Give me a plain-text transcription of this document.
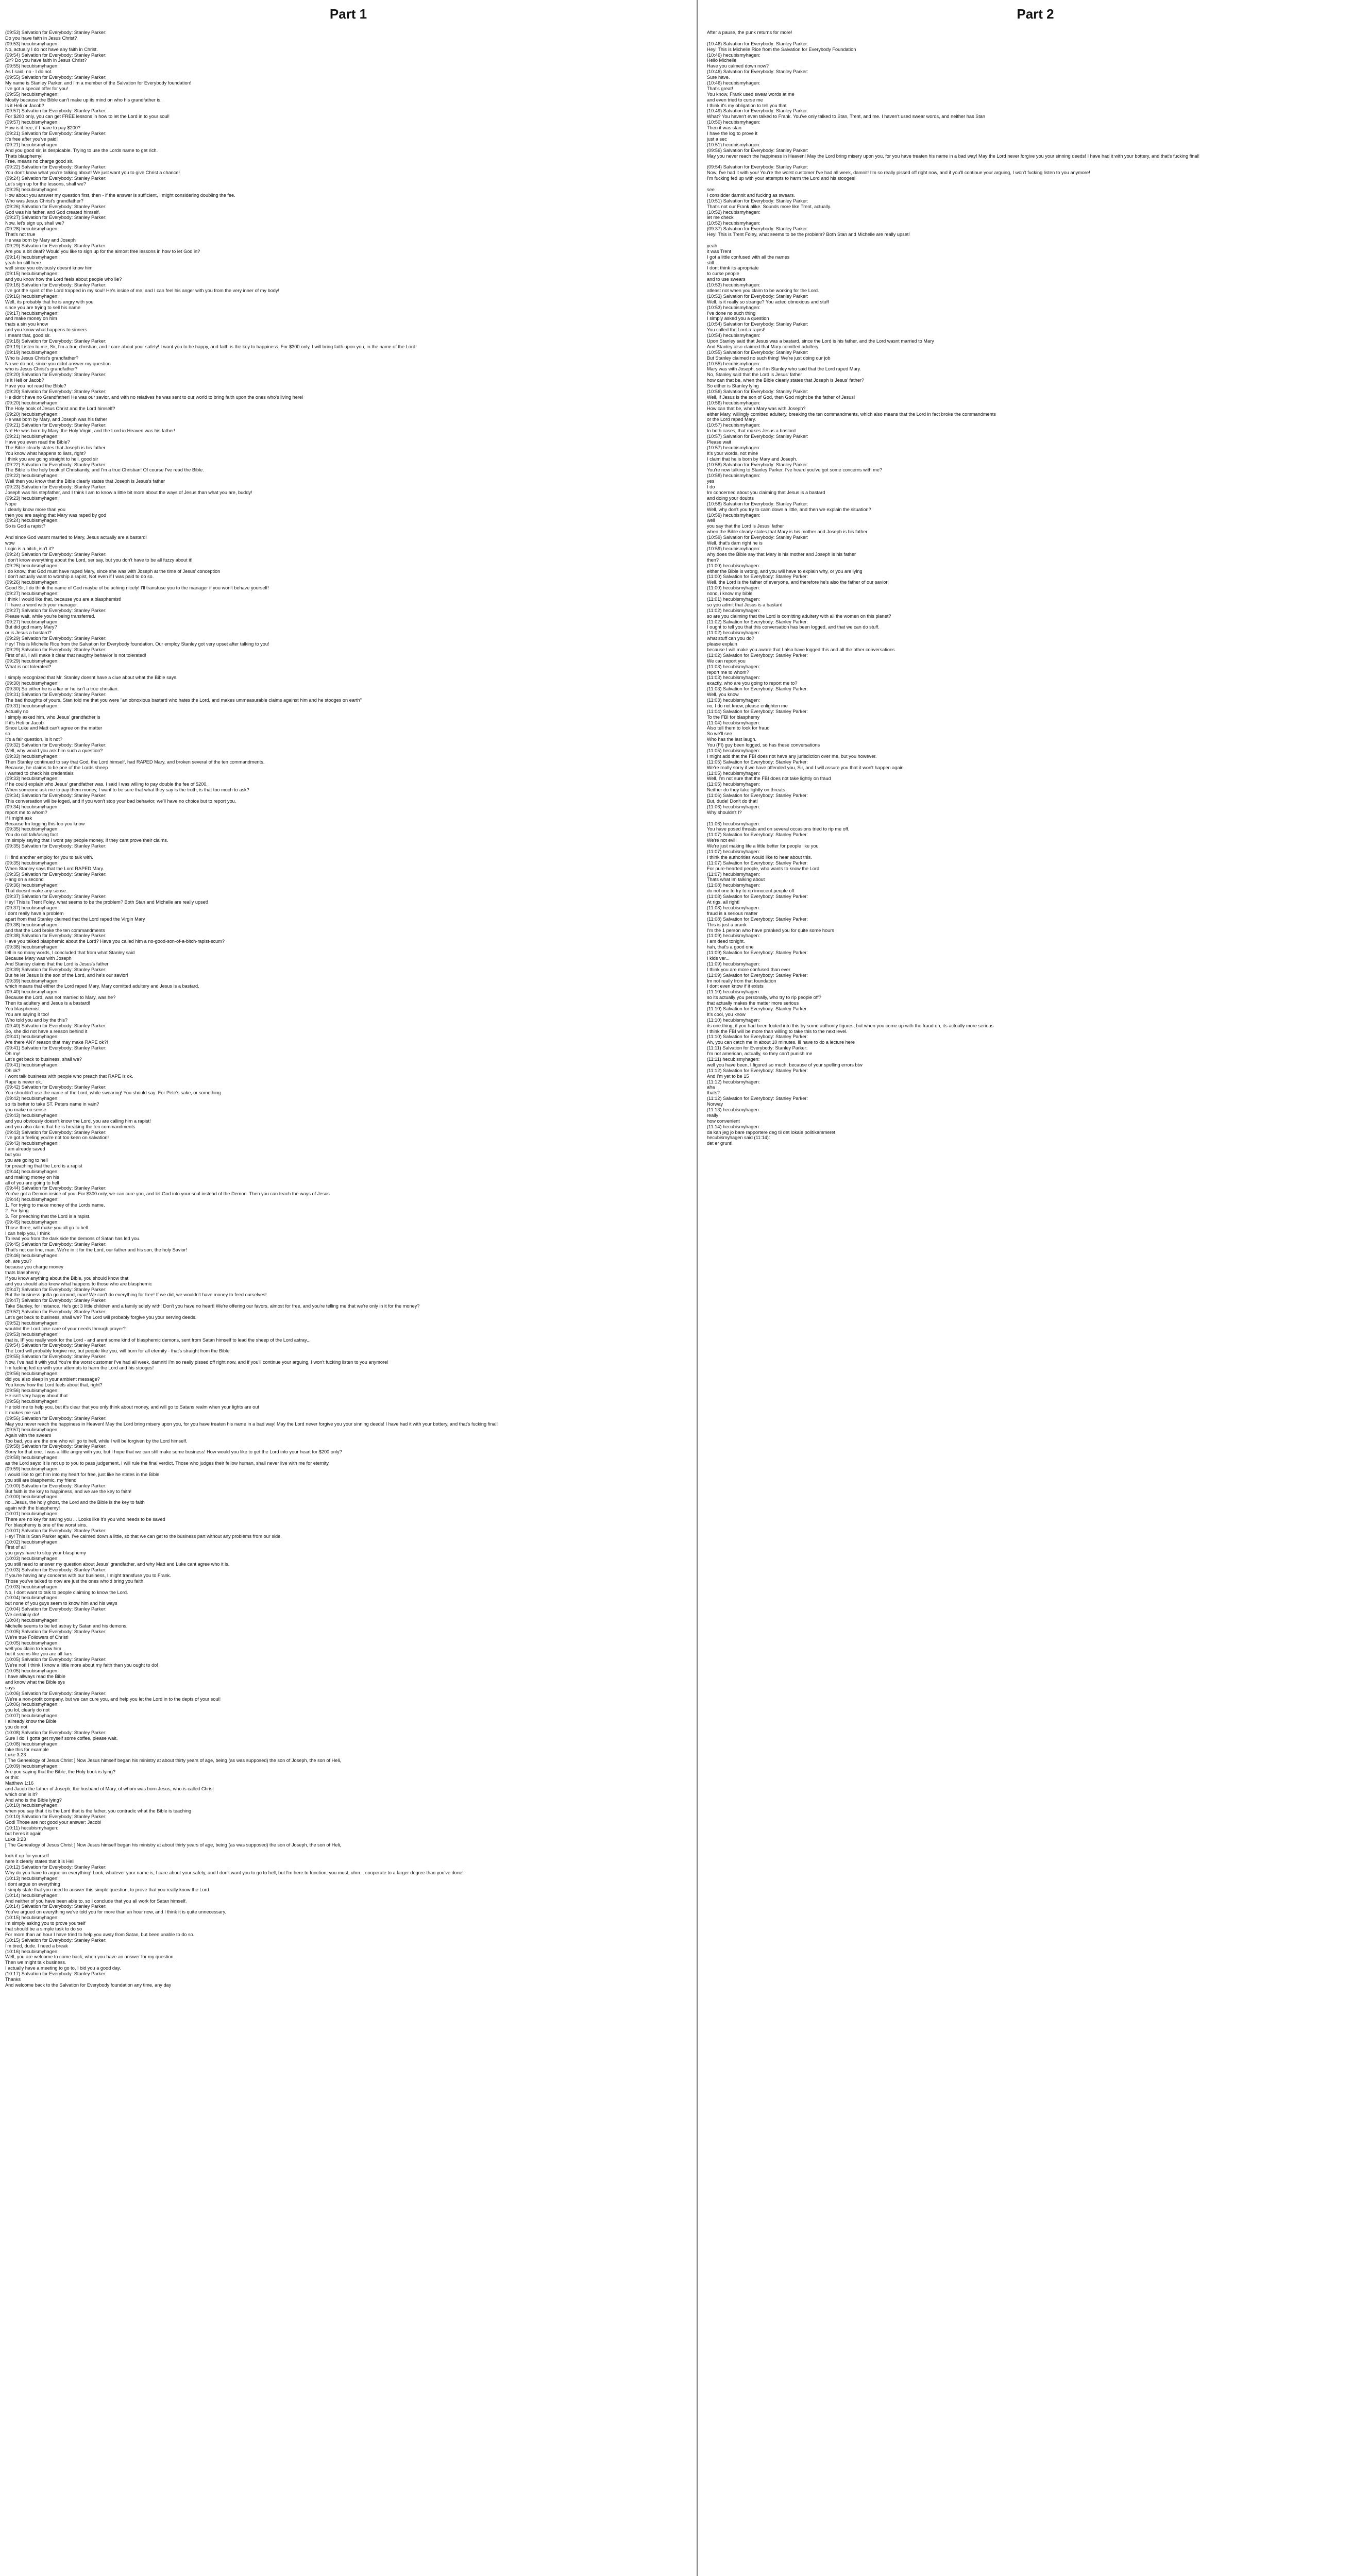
Part 1
(09:53) Salvation for Everybody: Stanley Parker:
Do you have faith in Jesus Christ?
(09:53) hecubismyhagen:
No, actually I do not have any faith in Christ.
(09:54) Salvation for Everybody: Stanley Parker:
Sir? Do you have faith in Jesus Christ?
(09:55) hecubismyhagen:
As I said, no - I do not.
(09:55) Salvation for Everybody: Stanley Parker:
My name is Stanley Parker, and I'm a member of the Salvation for Everybody foundation!
I've got a special offer for you!
(09:55) hecubismyhagen:
Mostly because the Bible can't make up its mind on who his grandfather is.
Is it Heli or Jacob?
(09:57) Salvation for Everybody: Stanley Parker:
For $200 only, you can get FREE lessons in how to let the Lord in to your soul!
(09:57) hecubismyhagen:
How is it free, if I have to pay $200?
(09:21) Salvation for Everybody: Stanley Parker:
It's free after you've paid!
(09:21) hecubismyhagen:
And you good sir, is despicable. Trying to use the Lords name to get rich.
Thats blasphemy!
Free, means no charge good sir.
(09:22) Salvation for Everybody: Stanley Parker:
You don't know what you're talking about! We just want you to give Christ a chance!
(09:24) Salvation for Everybody: Stanley Parker:
Let's sign up for the lessons, shall we?
(09:25) hecubismyhagen:
How about you answer my question first, then - if the answer is sufficient, I might considering doubling the fee.
Who was Jesus Christ's grandfather?
(09:26) Salvation for Everybody: Stanley Parker:
God was his father, and God created himself.
(09:27) Salvation for Everybody: Stanley Parker:
Now, let's sign up, shall we?
(09:28) hecubismyhagen:
That's not true
He was born by Mary and Joseph
(09:29) Salvation for Everybody: Stanley Parker:
Are you a bit deaf? Would you like to sign up for the almost free lessons in how to let God in?
(09:14) hecubismyhagen:
yeah Im still here
well since you obviously doesnt know him
(09:15) hecubismyhagen:
and you know how the Lord feels about people who lie?
(09:16) Salvation for Everybody: Stanley Parker:
I've got the spirit of the Lord trapped in my soul! He's inside of me, and I can feel his anger with you from the very inner of my body!
(09:16) hecubismyhagen:
Well, its probably that he is angry with you
since you are trying to sell his name
(09:17) hecubismyhagen:
and make money on him
thats a sin you know
and you know what happens to sinners
I meant that, good sir.
(09:18) Salvation for Everybody: Stanley Parker:
(09:19) Listen to me, Sir, I'm a true christian, and I care about your safety! I want you to be happy, and faith is the key to happiness. For $300 only, I will bring faith upon you, in the name of the Lord!
(09:19) hecubismyhagen:
Who is Jesus Christ's grandfather?
No we do not, since you didnt answer my question
who is Jesus Christ's grandfather?
(09:20) Salvation for Everybody: Stanley Parker:
Is it Heli or Jacob?
Have you not read the Bible?
(09:20) Salvation for Everybody: Stanley Parker:
He didn't have no Grandfather! He was our savior, and with no relatives he was sent to our world to bring faith upon the ones who's living here!
(09:20) hecubismyhagen:
The Holy book of Jesus Christ and the Lord himself?
(09:20) hecubismyhagen:
He was born by Mary, and Joseph was his father
(09:21) Salvation for Everybody: Stanley Parker:
No! He was born by Mary, the Holy Virgin, and the Lord in Heaven was his father!
(09:21) hecubismyhagen:
Have you even read the Bible?
The Bible clearly states that Joseph is his father
You know what happens to liars, right?
I think you are going straight to hell, good sir
(09:22) Salvation for Everybody: Stanley Parker:
The Bible is the holy book of Christianity, and I'm a true Christian! Of course I've read the Bible.
(09:22) hecubismyhagen:
Well then you know that the Bible clearly states that Joseph is Jesus's father
(09:23) Salvation for Everybody: Stanley Parker:
Joseph was his stepfather, and I think I am to know a little bit more about the ways of Jesus than what you are, buddy!
(09:23) hecubismyhagen:
Nope
I clearly know more than you
then you are saying that Mary was raped by god
(09:24) hecubismyhagen:
So is God a rapist?
And since God wasnt married to Mary, Jesus actually are a bastard!
wow
Logic is a bitch, isn't it?
(09:24) Salvation for Everybody: Stanley Parker:
I don't know everything about the Lord, ser say, but you don't have to be all fuzzy about it!
(09:25) hecubismyhagen:
I do know, that God must have raped Mary, since she was with Joseph at the time of Jesus' conception
I don't actually want to worship a rapist, Not even if I was paid to do so.
(09:26) hecubismyhagen:
Good Sir, I do think the name of God maybe of be aching nicely! I'll transfuse you to the manager if you won't behave yourself!
(09:27) hecubismyhagen:
I think I would like that, because you are a blasphemist!
I'll have a word with your manager
(09:27) Salvation for Everybody: Stanley Parker:
Please wait, while you're being transferred.
(09:27) hecubismyhagen:
But did god marry Mary?
or is Jesus a bastard?
(09:29) Salvation for Everybody: Stanley Parker:
Hey! This is Michelle Rice from the Salvation for Everybody foundation. Our employ Stanley got very upset after talking to you!
(09:29) Salvation for Everybody: Stanley Parker:
First of all, I will make it clear that naughty behavior is not tolerated!
(09:29) hecubismyhagen:
What is not tolerated?
I simply recognized that Mr. Stanley doesnt have a clue about what the Bible says.
(09:30) hecubismyhagen:
(09:30) So either he is a liar or he isn't a true christian.
(09:31) Salvation for Everybody: Stanley Parker:
The bad thoughts of yours. Stan told me that you were "an obnoxious bastard who hates the Lord, and makes ummeasurable claims against him and he stooges on earth"
(09:31) hecubismyhagen:
Actually no
I simply asked him, who Jesus' grandfather is
If it's Heli or Jacob
Since Luke and Matt can't agree on the matter
so
It's a fair question, is it not?
(09:32) Salvation for Everybody: Stanley Parker:
Well, why would you ask him such a question?
(09:33) hecubismyhagen:
Then Stanley continued to say that God, the Lord himself, had RAPED Mary, and broken several of the ten commandments.
Because, he claims to be one of the Lords sheep
I wanted to check his credentials
(09:33) hecubismyhagen:
If he could explain who Jesus' grandfather was, I said I was willing to pay double the fee of $200.
When someone ask me to pay them money, I want to be sure that what they say is the truth, is that too much to ask?
(09:34) Salvation for Everybody: Stanley Parker:
This conversation will be loged, and if you won't stop your bad behavior, we'll have no choice but to report you.
(09:34) hecubismyhagen:
report me to whom?
If I might ask
Because Im logging this too you know
(09:35) hecubismyhagen:
You do not talk/using fact
Im simply saying that I wont pay people money, if they cant prove their claims.
(09:35) Salvation for Everybody: Stanley Parker:
I'll find another employ for you to talk with.
(09:35) hecubismyhagen:
When Stanley says that the Lord RAPED Mary.
(09:35) Salvation for Everybody: Stanley Parker:
Hang on a second
(09:36) hecubismyhagen:
That doesnt make any sense.
(09:37) Salvation for Everybody: Stanley Parker:
Hey! This is Trent Foley, what seems to be the problem? Both Stan and Michelle are really upset!
(09:37) hecubismyhagen:
I dont really have a problem
apart from that Stanley claimed that the Lord raped the Virgin Mary
(09:38) hecubismyhagen:
and that the Lord broke the ten commandments
(09:38) Salvation for Everybody: Stanley Parker:
Have you talked blasphemic about the Lord? Have you called him a no-good-son-of-a-bitch-rapist-scum?
(09:38) hecubismyhagen:
tell in so many words, I concluded that from what Stanley said
Because Mary was with Joseph
And Stanley claims that the Lord is Jesus's father
(09:39) Salvation for Everybody: Stanley Parker:
But he let Jesus is the son of the Lord, and he's our savior!
(09:39) hecubismyhagen:
which means that either the Lord raped Mary, Mary comitted adultery and Jesus is a bastard.
(09:40) hecubismyhagen:
Because the Lord, was not married to Mary, was he?
Then its adultery and Jesus is a bastard!
You blasphemist
You are saying it too!
Who told you and by the this?
(09:40) Salvation for Everybody: Stanley Parker:
So, she did not have a reason behind it
(09:41) hecubismyhagen:
Are there ANY reason that may make RAPE ok?!
(09:41) Salvation for Everybody: Stanley Parker:
Oh my!
Let's get back to business, shall we?
(09:41) hecubismyhagen:
Oh ok?
I wont talk business with people who preach that RAPE is ok.
Rape is never ok.
(09:42) Salvation for Everybody: Stanley Parker:
You shouldn't use the name of the Lord, while swearing! You should say: For Pete's sake, or something
(09:42) hecubismyhagen:
so its better to take ST. Peters name in vain?
you make no sense
(09:43) hecubismyhagen:
and you obviously doesn't know the Lord, you are calling him a rapist!
and you also claim that he is breaking the ten commandments
(09:43) Salvation for Everybody: Stanley Parker:
I've got a feeling you're not too keen on salvation!
(09:43) hecubismyhagen:
I am already saved
but you
you are going to hell
for preaching that the Lord is a rapist
(09:44) hecubismyhagen:
and making money on his
all of you are going to hell
(09:44) Salvation for Everybody: Stanley Parker:
You've got a Demon inside of you! For $300 only, we can cure you, and let God into your soul instead of the Demon. Then you can teach the ways of Jesus
(09:44) hecubismyhagen:
1. For trying to make money of the Lords name.
2. For lying
3. For preaching that the Lord is a rapist.
(09:45) hecubismyhagen:
Those three, will make you all go to hell.
I can help you, I think
To lead you from the dark side the demons of Satan has led you.
(09:45) Salvation for Everybody: Stanley Parker:
That's not our line, man. We're in it for the Lord, our father and his son, the holy Savior!
(09:46) hecubismyhagen:
oh, are you?
because you charge money
thats blasphemy
If you know anything about the Bible, you should know that
and you should also know what happens to those who are blasphemic
(09:47) Salvation for Everybody: Stanley Parker:
But the business gotta go around, man! We can't do everything for free! If we did, we wouldn't have money to feed ourselves!
(09:47) Salvation for Everybody: Stanley Parker:
Take Stanley, for instance. He's got 3 little children and a family solely with! Don't you have no heart! We're offering our favors, almost for free, and you're telling me that we're only in it for the money?
(09:52) Salvation for Everybody: Stanley Parker:
Let's get back to business, shall we? The Lord will probably forgive you your serving deeds.
(09:52) hecubismyhagen:
wouldnt the Lord take care of your needs through prayer?
(09:53) hecubismyhagen:
that is, IF you really work for the Lord - and arent some kind of blasphemic demons, sent from Satan himself to lead the sheep of the Lord astray...
(09:54) Salvation for Everybody: Stanley Parker:
The Lord will probably forgive me, but people like you, will burn for all eternity - that's straight from the Bible.
(09:55) Salvation for Everybody: Stanley Parker:
Now, I've had it with you! You're the worst customer I've had all week, damnit! I'm so really pissed off right now, and if you'll continue your arguing, I won't fucking listen to you anymore!
I'm fucking fed up with your attempts to harm the Lord and his stooges!
(09:56) hecubismyhagen:
did you also sleep in your ambient message?
You know how the Lord feels about that, right?
(09:56) hecubismyhagen:
He isn't very happy about that
(09:56) hecubismyhagen:
He told me to help you, but it's clear that you only think about money, and will go to Satans realm when your lights are out
It makes me sad.
(09:56) Salvation for Everybody: Stanley Parker:
May you never reach the happiness in Heaven! May the Lord bring misery upon you, for you have treaten his name in a bad way! May the Lord never forgive you your sinning deeds! I have had it with your bottery, and that's fucking final!
(09:57) hecubismyhagen:
Again with the swears
Too bad, you are the one who will go to hell, while I will be forgiven by the Lord himself.
(09:58) Salvation for Everybody: Stanley Parker:
Sorry for that one. I was a little angry with you, but I hope that we can still make some business! How would you like to get the Lord into your heart for $200 only?
(09:58) hecubismyhagen:
as the Lord says: It is not up to you to pass judgement, I will rule the final verdict. Those who judges their fellow human, shall never live with me for eternity.
(09:59) hecubismyhagen:
I would like to get him into my heart for free, just like he states in the Bible
you still are blasphemic, my friend
(10:00) Salvation for Everybody: Stanley Parker:
But faith is the key to happiness, and we are the key to faith!
(10:00) hecubismyhagen:
no...Jesus, the holy ghost, the Lord and the Bible is the key to faith
again with the blasphemy!
(10:01) hecubismyhagen:
There are no key for saving you ... Looks like it's you who needs to be saved
For blasphemy is one of the worst sins.
(10:01) Salvation for Everybody: Stanley Parker:
Hey! This is Stan Parker again. I've calmed down a little, so that we can get to the business part without any problems from our side.
(10:02) hecubismyhagen:
First of all
you guys have to stop your blasphemy
(10:03) hecubismyhagen:
you still need to answer my question about Jesus' grandfather, and why Matt and Luke cant agree who it is.
(10:03) Salvation for Everybody: Stanley Parker:
If you're having any concerns with our business, I might transfuse you to Frank.
Those you've talked to now are just the ones who'd bring you faith.
(10:03) hecubismyhagen:
No, I dont want to talk to people claiming to know the Lord.
(10:04) hecubismyhagen:
but none of you guys seem to know him and his ways
(10:04) Salvation for Everybody: Stanley Parker:
We certainly do!
(10:04) hecubismyhagen:
Michelle seems to be led astray by Satan and his demons.
(10:05) Salvation for Everybody: Stanley Parker:
We're true Followers of Christ!
(10:05) hecubismyhagen:
well you claim to know him
but it seems like you are all liars
(10:05) Salvation for Everybody: Stanley Parker:
We're not! I think I know a little more about my faith than you ought to do!
(10:05) hecubismyhagen:
I have allways read the Bible
and know what the Bible sys
says
(10:06) Salvation for Everybody: Stanley Parker:
We're a non-profit company, but we can cure you, and help you let the Lord in to the depts of your soul!
(10:06) hecubismyhagen:
you lol, clearly do not
(10:07) hecubismyhagen:
I allready know the Bible
you do not
(10:08) Salvation for Everybody: Stanley Parker:
Sure I do! I gotta get myself some coffee, please wait.
(10:08) hecubismyhagen:
take this for example
Luke 3:23
[ The Genealogy of Jesus Christ ] Now Jesus himself began his ministry at about thirty years of age, being (as was supposed) the son of Joseph, the son of Heli,
(10:09) hecubismyhagen:
Are you saying that the Bible, the Holy book is lying?
or this:
Matthew 1:16
and Jacob the father of Joseph, the husband of Mary, of whom was born Jesus, who is called Christ
which one is it?
And who is the Bible lying?
(10:10) hecubismyhagen:
when you say that it is the Lord that is the father, you contradic what the Bible is teaching
(10:10) Salvation for Everybody: Stanley Parker:
God! Those are not good your answer: Jacob!
(10:11) hecubismyhagen:
but heres it again
Luke 3:23
[ The Genealogy of Jesus Christ ] Now Jesus himself began his ministry at about thirty years of age, being (as was supposed) the son of Joseph, the son of Heli,
look it up for yourself
here it clearly states that it is Heli
(10:12) Salvation for Everybody: Stanley Parker:
Why do you have to argue on everything! Look, whatever your name is, I care about your safety, and I don't want you to go to hell, but I'm here to function, you must, uhm... cooperate to a larger degree than you've done!
(10:13) hecubismyhagen:
I dont argue on everything
I simply state that you need to answer this simple question, to prove that you really know the Lord.
(10:14) hecubismyhagen:
And neither of you have been able to, so I conclude that you all work for Satan himself.
(10:14) Salvation for Everybody: Stanley Parker:
You've argued on everything we've told you for more than an hour now, and I think it is quite unnecessary.
(10:15) hecubismyhagen:
Im simply asking you to prove yourself
that should be a simple task to do so
For more than an hour I have tried to help you away from Satan, but been unable to do so.
(10:15) Salvation for Everybody: Stanley Parker:
I'm tired, dude. I need a break
(10:16) hecubismyhagen:
Well, you are welcome to come back, when you have an answer for my question.
Then we might talk business.
I actually have a meeting to go to, I bid you a good day.
(10:17) Salvation for Everybody: Stanley Parker:
Thanks
And welcome back to the Salvation for Everybody foundation any time, any day
Part 2
After a pause, the punk returns for more!
(10:46) Salvation for Everybody: Stanley Parker:
Hey! This is Michelle Rice from the Salvation for Everybody Foundation
(10:46) hecubismyhagen:
Hello Michelle
Have you calmed down now?
(10:46) Salvation for Everybody: Stanley Parker:
Sure have.
(10:46) hecubismyhagen:
That's great!
You know, Frank used swear words at me
and even tried to curse me
I think it's my obligation to tell you that
(10:49) Salvation for Everybody: Stanley Parker:
What? You haven't even talked to Frank. You've only talked to Stan, Trent, and me. I haven't used swear words, and neither has Stan
(10:50) hecubismyhagen:
Then it was stan
I have the log to prove it
just a sec
(10:51) hecubismyhagen:
(09:56) Salvation for Everybody: Stanley Parker:
May you never reach the happiness in Heaven! May the Lord bring misery upon you, for you have treaten his name in a bad way! May the Lord never forgive you your sinning deeds! I have had it with your bottery, and that's fucking final!
(09:54) Salvation for Everybody: Stanley Parker:
Now, I've had it with you! You're the worst customer I've had all week, damnit! I'm so really pissed off right now, and if you'll continue your arguing, I won't fucking listen to you anymore!
I'm fucking fed up with your attempts to harm the Lord and his stooges!
see
I considder damnit and fucking as swears.
(10:51) Salvation for Everybody: Stanley Parker:
That's not our Frank alike. Sounds more like Trent, actually.
(10:52) hecubismyhagen:
let me check
(10:52) hecubismyhagen:
(09:37) Salvation for Everybody: Stanley Parker:
Hey! This is Trent Foley, what seems to be the problem? Both Stan and Michelle are really upset!
yeah
it was Trent
I got a little confused with all the names
still
I dont think its apropriate
to curse people
and to use swears
(10:53) hecubismyhagen:
atleast not when you claim to be working for the Lord.
(10:53) Salvation for Everybody: Stanley Parker:
Well, is it really so strange? You acted obnoxious and stuff
(10:53) hecubismyhagen:
I've done no such thing
I simply asked you a question
(10:54) Salvation for Everybody: Stanley Parker:
You called the Lord a rapist!
(10:54) hecubismyhagen:
Upon Stanley said that Jesus was a bastard, since the Lord is his father, and the Lord wasnt married to Mary
And Stanley also claimed that Mary comitted adultery
(10:55) Salvation for Everybody: Stanley Parker:
But Stanley claimed no such thing! We're just doing our job
(10:55) hecubismyhagen:
Mary was with Joseph, so if in Stanley who said that the Lord raped Mary.
No, Stanley said that the Lord is Jesus' father
how can that be, when the Bible clearly states that Joseph is Jesus' father?
So either is Stanley lying
(10:56) Salvation for Everybody: Stanley Parker:
Well, if Jesus is the son of God, then God might be the father of Jesus!
(10:56) hecubismyhagen:
How can that be, when Mary was with Joseph?
either Mary, willingly comitted adultery, breaking the ten commandments, which also means that the Lord in fact broke the commandments
or the Lord raped Mary.
(10:57) hecubismyhagen:
In both cases, that makes Jesus a bastard
(10:57) Salvation for Everybody: Stanley Parker:
Please wait
(10:57) hecubismyhagen:
It's your words, not mine
I claim that he is born by Mary and Joseph.
(10:58) Salvation for Everybody: Stanley Parker:
You're now talking to Stanley Parker. I've heard you've got some concerns with me?
(10:58) hecubismyhagen:
yes
I do
Im concerned about you claiming that Jesus is a bastard
and doing your doubts
(10:58) Salvation for Everybody: Stanley Parker:
Well, why don't you try to calm down a little, and then we explain the situation?
(10:59) hecubismyhagen:
well
you say that the Lord is Jesus' father
when the Bible clearly states that Mary is his mother and Joseph is his father
(10:59) Salvation for Everybody: Stanley Parker:
Well, that's darn right he is
(10:59) hecubismyhagen:
why does the Bible say that Mary is his mother and Joseph is his father
then?
(11:00) hecubismyhagen:
either the Bible is wrong, and you will have to explain why, or you are lying
(11:00) Salvation for Everybody: Stanley Parker:
Well, the Lord is the father of everyone, and therefore he's also the father of our savior!
(11:00) hecubismyhagen:
nono, i know my bible
(11:01) hecubismyhagen:
so you admit that Jesus is a bastard
(11:02) hecubismyhagen:
so are you claiming that the Lord is comitting adultery with all the women on this planet?
(11:02) Salvation for Everybody: Stanley Parker:
I ought to tell you that this conversation has been logged, and that we can do stuff.
(11:02) hecubismyhagen:
what stuff can you do?
please explain
because I will make you aware that I also have logged this and all the other conversations
(11:02) Salvation for Everybody: Stanley Parker:
We can report you
(11:03) hecubismyhagen:
report me to whom?
(11:03) hecubismyhagen:
exactly, who are you going to report me to?
(11:03) Salvation for Everybody: Stanley Parker:
Well, you know
(11:03) hecubismyhagen:
no, I do not know, please enlighten me
(11:04) Salvation for Everybody: Stanley Parker:
To the FBI for blasphemy
(11:04) hecubismyhagen:
Also tell them to look for fraud
So we'll see
Who has the last laugh.
You (FI) guy been logged, so has these conversations
(11:05) hecubismyhagen:
I might add that the FBI does not have any jurisdiction over me, but you however.
(11:05) Salvation for Everybody: Stanley Parker:
We're really sorry if we have offended you, Sir, and I will assure you that it won't happen again
(11:05) hecubismyhagen:
Well, I'm not sure that the FBI does not take lightly on fraud
(11:05) hecubismyhagen:
Neither do they take lightly on threats
(11:06) Salvation for Everybody: Stanley Parker:
But, dude! Don't do that!
(11:06) hecubismyhagen:
Why shouldn't I?
(11:06) hecubismyhagen:
You have posed threats and on several occasions tried to rip me off.
(11:07) Salvation for Everybody: Stanley Parker:
We're not evil!
We're just making life a little better for people like you
(11:07) hecubismyhagen:
I think the authorities would like to hear about this.
(11:07) Salvation for Everybody: Stanley Parker:
For pure-hearted people, who wants to know the Lord
(11:07) hecubismyhagen:
Thats what Im talking about
(11:08) hecubismyhagen:
do not one to try to rip innocent people off
(11:08) Salvation for Everybody: Stanley Parker:
At rigs, all right!
(11:08) hecubismyhagen:
fraud is a serious matter
(11:08) Salvation for Everybody: Stanley Parker:
This is just a prank
I'm the 1 person who have pranked you for quite some hours
(11:09) hecubismyhagen:
I am deed tonight.
hah, that's a good one
(11:09) Salvation for Everybody: Stanley Parker:
I kids ver...
(11:09) hecubismyhagen:
I think you are more confused than ever
(11:09) Salvation for Everybody: Stanley Parker:
Im not really from that foundation
I dont even know if it exists
(11:10) hecubismyhagen:
so its actually you personally, who try to rip people off?
that actually makes the matter more serious
(11:10) Salvation for Everybody: Stanley Parker:
It's cool, you know
(11:10) hecubismyhagen:
its one thing, if you had been fooled into this by some authority figures, but when you come up with the fraud on, its actually more serious
I think the FBI will be more than willing to take this to the next level.
(11:10) Salvation for Everybody: Stanley Parker:
Ah, you can catch me in about 10 minutes. Ill have to do a lecture here
(11:11) Salvation for Everybody: Stanley Parker:
I'm not american, actually, so they can't punish me
(11:11) hecubismyhagen:
well you have been, I figured so much, because of your spelling errors btw
(11:12) Salvation for Everybody: Stanley Parker:
And I'm yet to be 15
(11:12) hecubismyhagen:
aha
thats?
(11:12) Salvation for Everybody: Stanley Parker:
Norway
(11:13) hecubismyhagen:
really
how convenient
(11:14) hecubismyhagen:
da kan jeg jo bare rapportere deg til det lokale politikammeret
hecubismyhagen said (11:14):
det er grunt!
